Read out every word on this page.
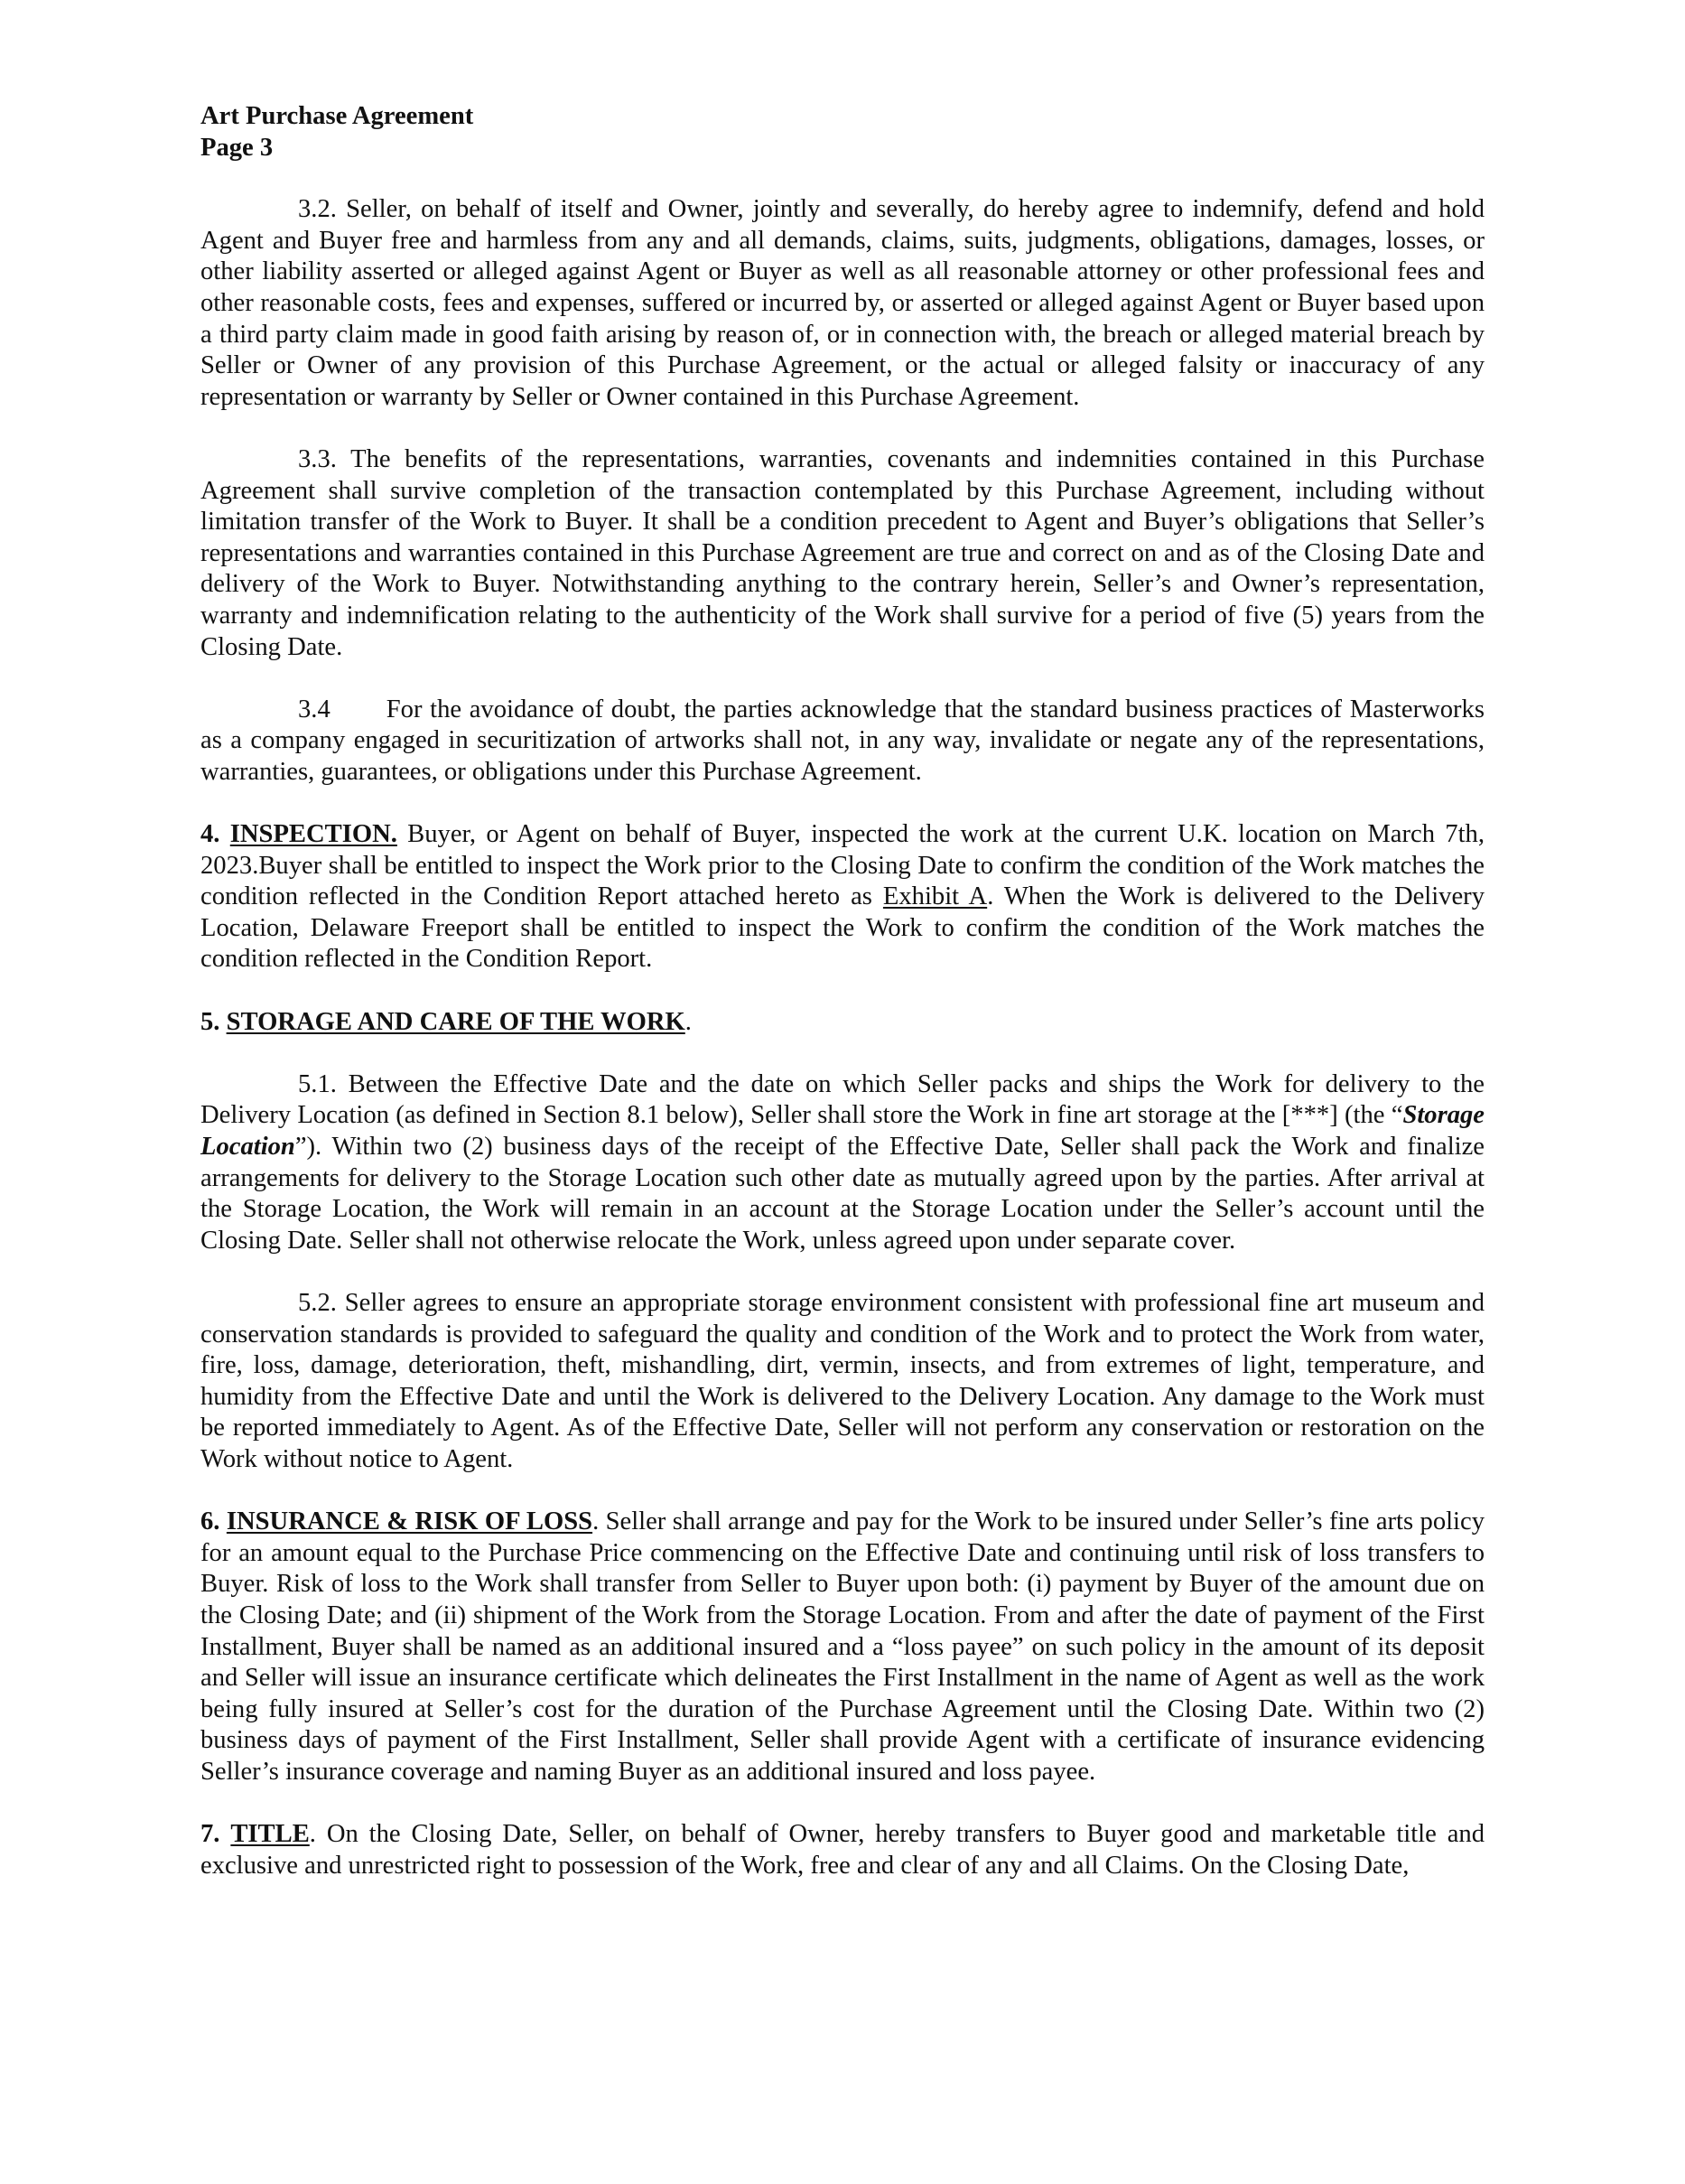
Art Purchase Agreement
Page 3

3.2. Seller, on behalf of itself and Owner, jointly and severally, do hereby agree to indemnify, defend and hold Agent and Buyer free and harmless from any and all demands, claims, suits, judgments, obligations, damages, losses, or other liability asserted or alleged against Agent or Buyer as well as all reasonable attorney or other professional fees and other reasonable costs, fees and expenses, suffered or incurred by, or asserted or alleged against Agent or Buyer based upon a third party claim made in good faith arising by reason of, or in connection with, the breach or alleged material breach by Seller or Owner of any provision of this Purchase Agreement, or the actual or alleged falsity or inaccuracy of any representation or warranty by Seller or Owner contained in this Purchase Agreement.

3.3. The benefits of the representations, warranties, covenants and indemnities contained in this Purchase Agreement shall survive completion of the transaction contemplated by this Purchase Agreement, including without limitation transfer of the Work to Buyer. It shall be a condition precedent to Agent and Buyer’s obligations that Seller’s representations and warranties contained in this Purchase Agreement are true and correct on and as of the Closing Date and delivery of the Work to Buyer. Notwithstanding anything to the contrary herein, Seller’s and Owner’s representation, warranty and indemnification relating to the authenticity of the Work shall survive for a period of five (5) years from the Closing Date.

3.4 For the avoidance of doubt, the parties acknowledge that the standard business practices of Masterworks as a company engaged in securitization of artworks shall not, in any way, invalidate or negate any of the representations, warranties, guarantees, or obligations under this Purchase Agreement.

4. INSPECTION. Buyer, or Agent on behalf of Buyer, inspected the work at the current U.K. location on March 7th, 2023.Buyer shall be entitled to inspect the Work prior to the Closing Date to confirm the condition of the Work matches the condition reflected in the Condition Report attached hereto as Exhibit A. When the Work is delivered to the Delivery Location, Delaware Freeport shall be entitled to inspect the Work to confirm the condition of the Work matches the condition reflected in the Condition Report.

5. STORAGE AND CARE OF THE WORK.

5.1. Between the Effective Date and the date on which Seller packs and ships the Work for delivery to the Delivery Location (as defined in Section 8.1 below), Seller shall store the Work in fine art storage at the [***] (the “Storage Location”). Within two (2) business days of the receipt of the Effective Date, Seller shall pack the Work and finalize arrangements for delivery to the Storage Location such other date as mutually agreed upon by the parties. After arrival at the Storage Location, the Work will remain in an account at the Storage Location under the Seller’s account until the Closing Date. Seller shall not otherwise relocate the Work, unless agreed upon under separate cover.

5.2. Seller agrees to ensure an appropriate storage environment consistent with professional fine art museum and conservation standards is provided to safeguard the quality and condition of the Work and to protect the Work from water, fire, loss, damage, deterioration, theft, mishandling, dirt, vermin, insects, and from extremes of light, temperature, and humidity from the Effective Date and until the Work is delivered to the Delivery Location. Any damage to the Work must be reported immediately to Agent. As of the Effective Date, Seller will not perform any conservation or restoration on the Work without notice to Agent.

6. INSURANCE & RISK OF LOSS. Seller shall arrange and pay for the Work to be insured under Seller’s fine arts policy for an amount equal to the Purchase Price commencing on the Effective Date and continuing until risk of loss transfers to Buyer. Risk of loss to the Work shall transfer from Seller to Buyer upon both: (i) payment by Buyer of the amount due on the Closing Date; and (ii) shipment of the Work from the Storage Location. From and after the date of payment of the First Installment, Buyer shall be named as an additional insured and a “loss payee” on such policy in the amount of its deposit and Seller will issue an insurance certificate which delineates the First Installment in the name of Agent as well as the work being fully insured at Seller’s cost for the duration of the Purchase Agreement until the Closing Date. Within two (2) business days of payment of the First Installment, Seller shall provide Agent with a certificate of insurance evidencing Seller’s insurance coverage and naming Buyer as an additional insured and loss payee.

7. TITLE. On the Closing Date, Seller, on behalf of Owner, hereby transfers to Buyer good and marketable title and exclusive and unrestricted right to possession of the Work, free and clear of any and all Claims. On the Closing Date,
